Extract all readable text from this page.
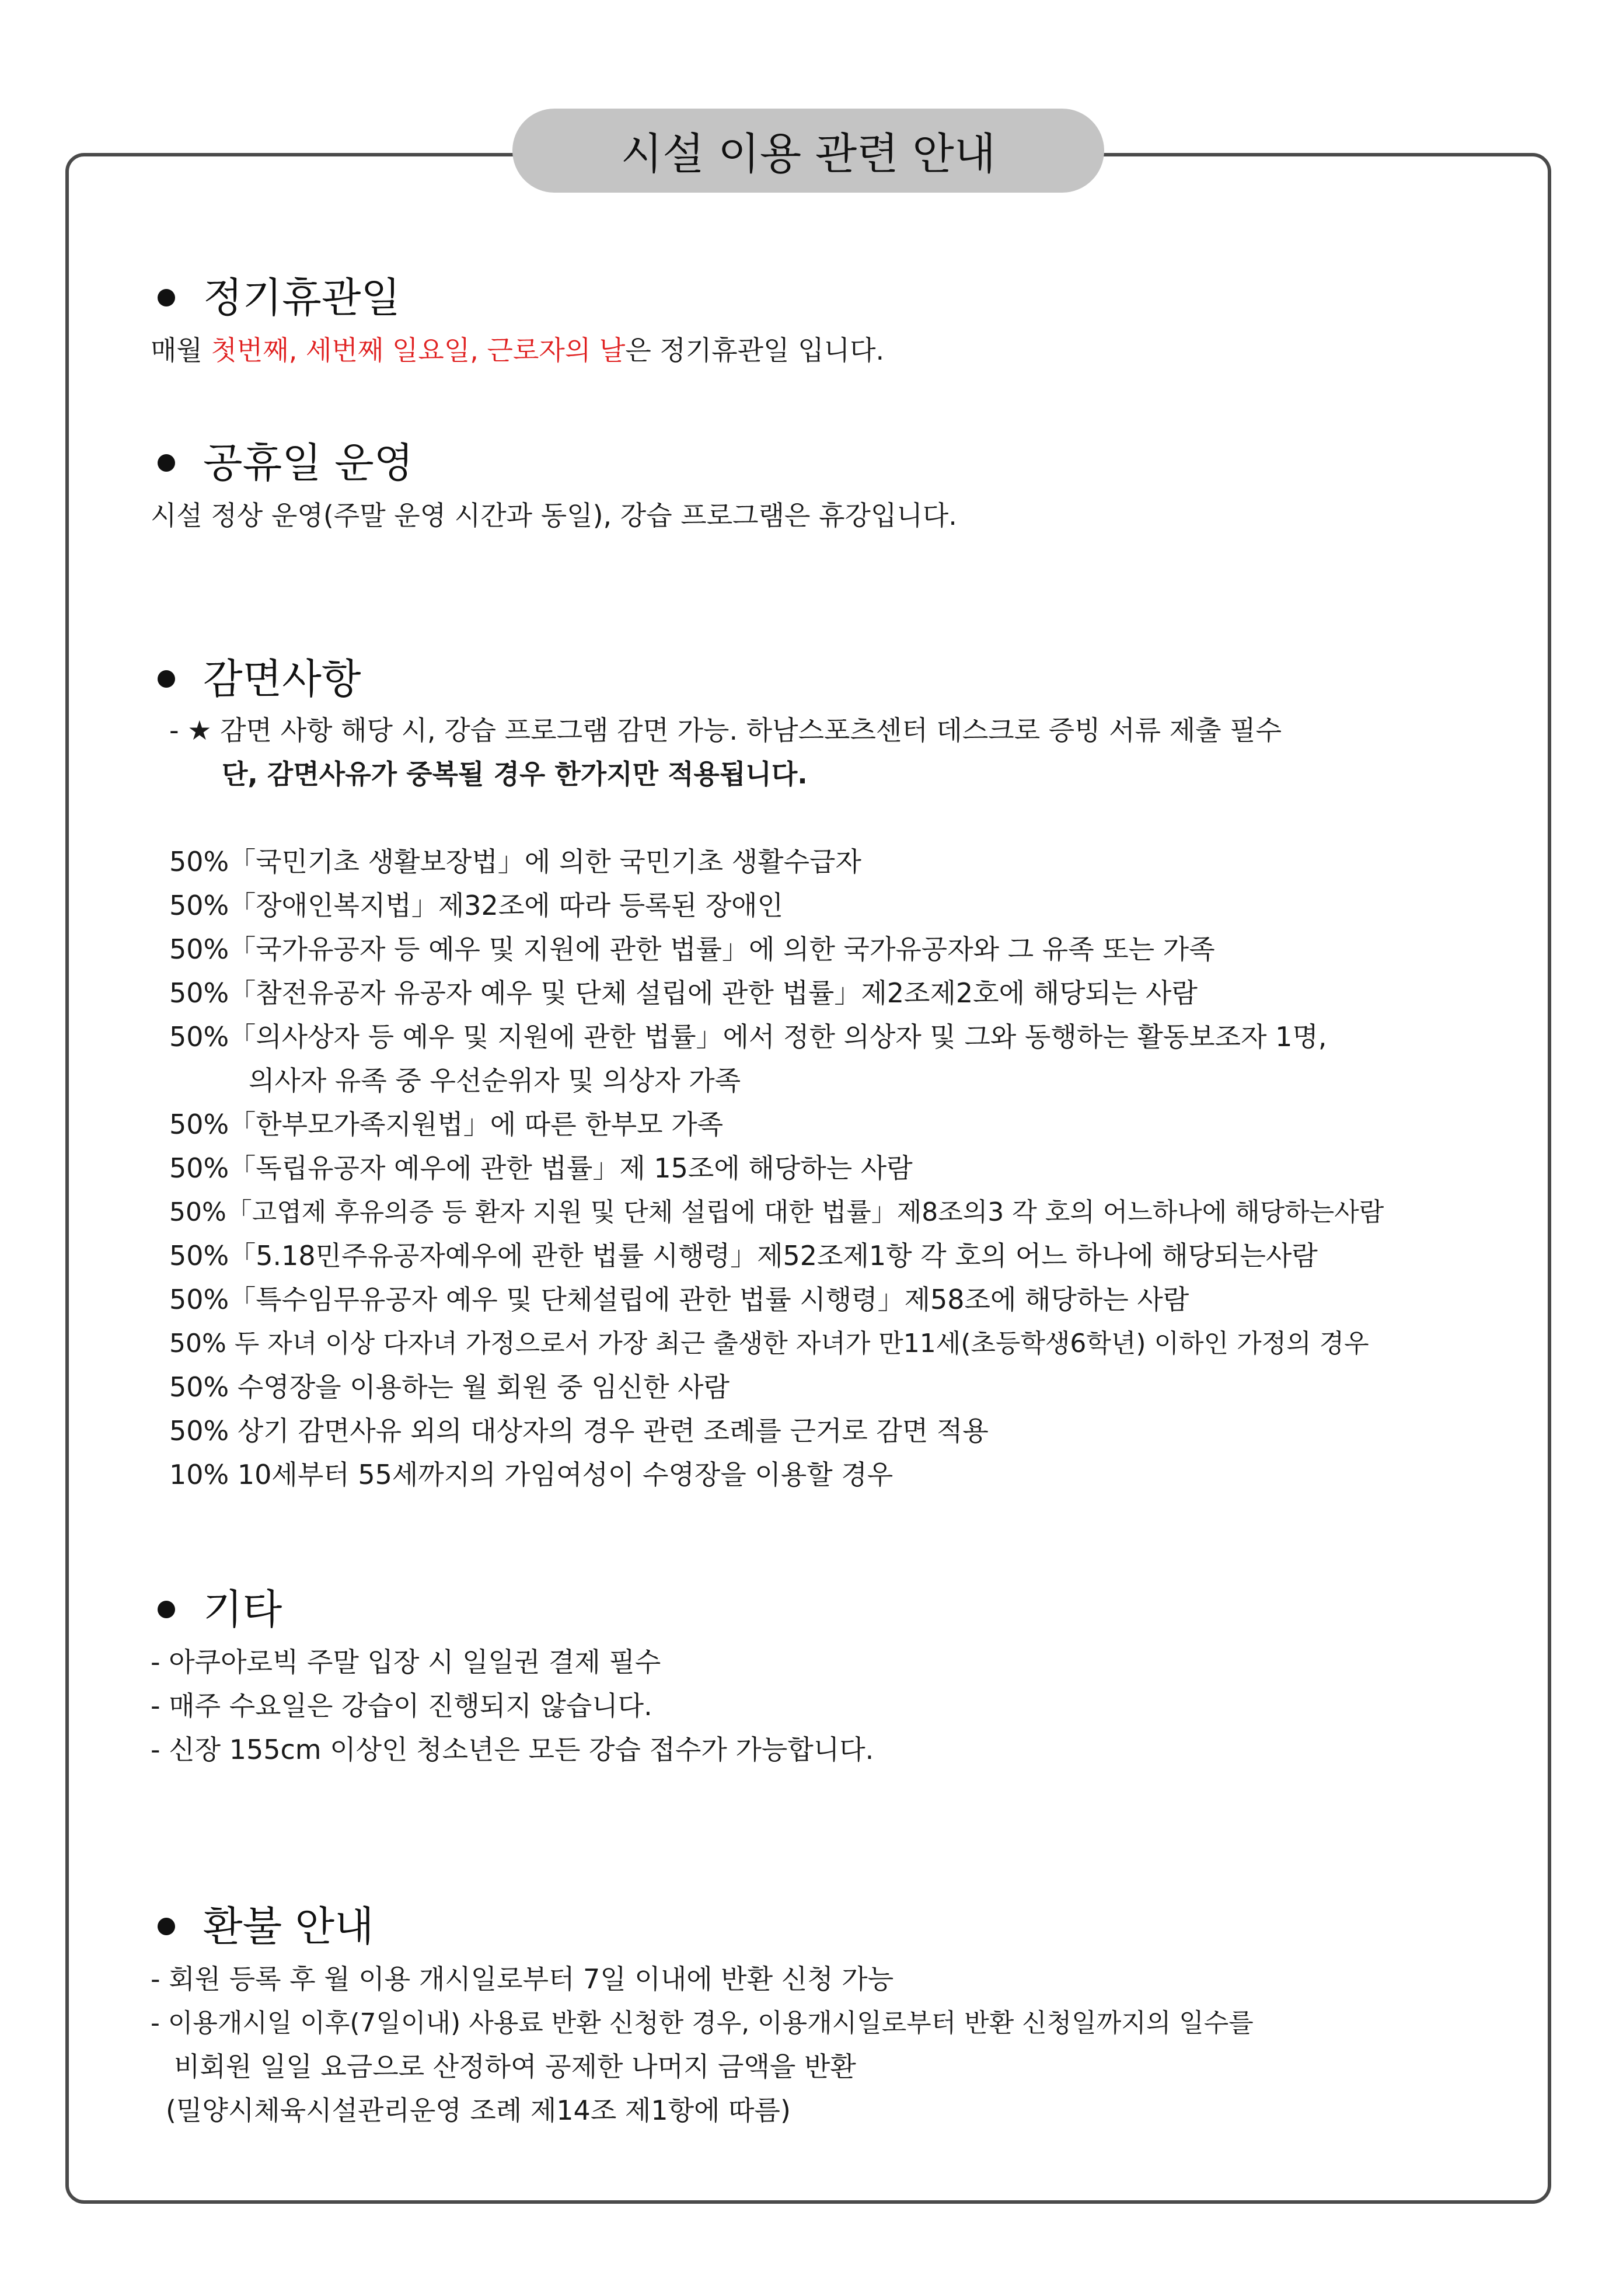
시설 이용 관련 안내
정기휴관일
매월 첫번째, 세번째 일요일, 근로자의 날은 정기휴관일 입니다.
공휴일 운영
시설 정상 운영(주말 운영 시간과 동일), 강습 프로그램은 휴강입니다.
감면사항
- ★ 감면 사항 해당 시, 강습 프로그램 감면 가능. 하남스포츠센터 데스크로 증빙 서류 제출 필수
단, 감면사유가 중복될 경우 한가지만 적용됩니다.
50%「국민기초 생활보장법」에 의한 국민기초 생활수급자
50%「장애인복지법」제32조에 따라 등록된 장애인
50%「국가유공자 등 예우 및 지원에 관한 법률」에 의한 국가유공자와 그 유족 또는 가족
50%「참전유공자 유공자 예우 및 단체 설립에 관한 법률」제2조제2호에 해당되는 사람
50%「의사상자 등 예우 및 지원에 관한 법률」에서 정한 의상자 및 그와 동행하는 활동보조자 1명,
의사자 유족 중 우선순위자 및 의상자 가족
50%「한부모가족지원법」에 따른 한부모 가족
50%「독립유공자 예우에 관한 법률」제 15조에 해당하는 사람
50%「고엽제 후유의증 등 환자 지원 및 단체 설립에 대한 법률」제8조의3 각 호의 어느하나에 해당하는사람
50%「5.18민주유공자예우에 관한 법률 시행령」제52조제1항 각 호의 어느 하나에 해당되는사람
50%「특수임무유공자 예우 및 단체설립에 관한 법률 시행령」제58조에 해당하는 사람
50% 두 자녀 이상 다자녀 가정으로서 가장 최근 출생한 자녀가 만11세(초등학생6학년) 이하인 가정의 경우
50% 수영장을 이용하는 월 회원 중 임신한 사람
50% 상기 감면사유 외의 대상자의 경우 관련 조례를 근거로 감면 적용
10% 10세부터 55세까지의 가임여성이 수영장을 이용할 경우
기타
- 아쿠아로빅 주말 입장 시 일일권 결제 필수
- 매주 수요일은 강습이 진행되지 않습니다.
- 신장 155cm 이상인 청소년은 모든 강습 접수가 가능합니다.
환불 안내
- 회원 등록 후 월 이용 개시일로부터 7일 이내에 반환 신청 가능
- 이용개시일 이후(7일이내) 사용료 반환 신청한 경우, 이용개시일로부터 반환 신청일까지의 일수를
비회원 일일 요금으로 산정하여 공제한 나머지 금액을 반환
(밀양시체육시설관리운영 조례 제14조 제1항에 따름)
